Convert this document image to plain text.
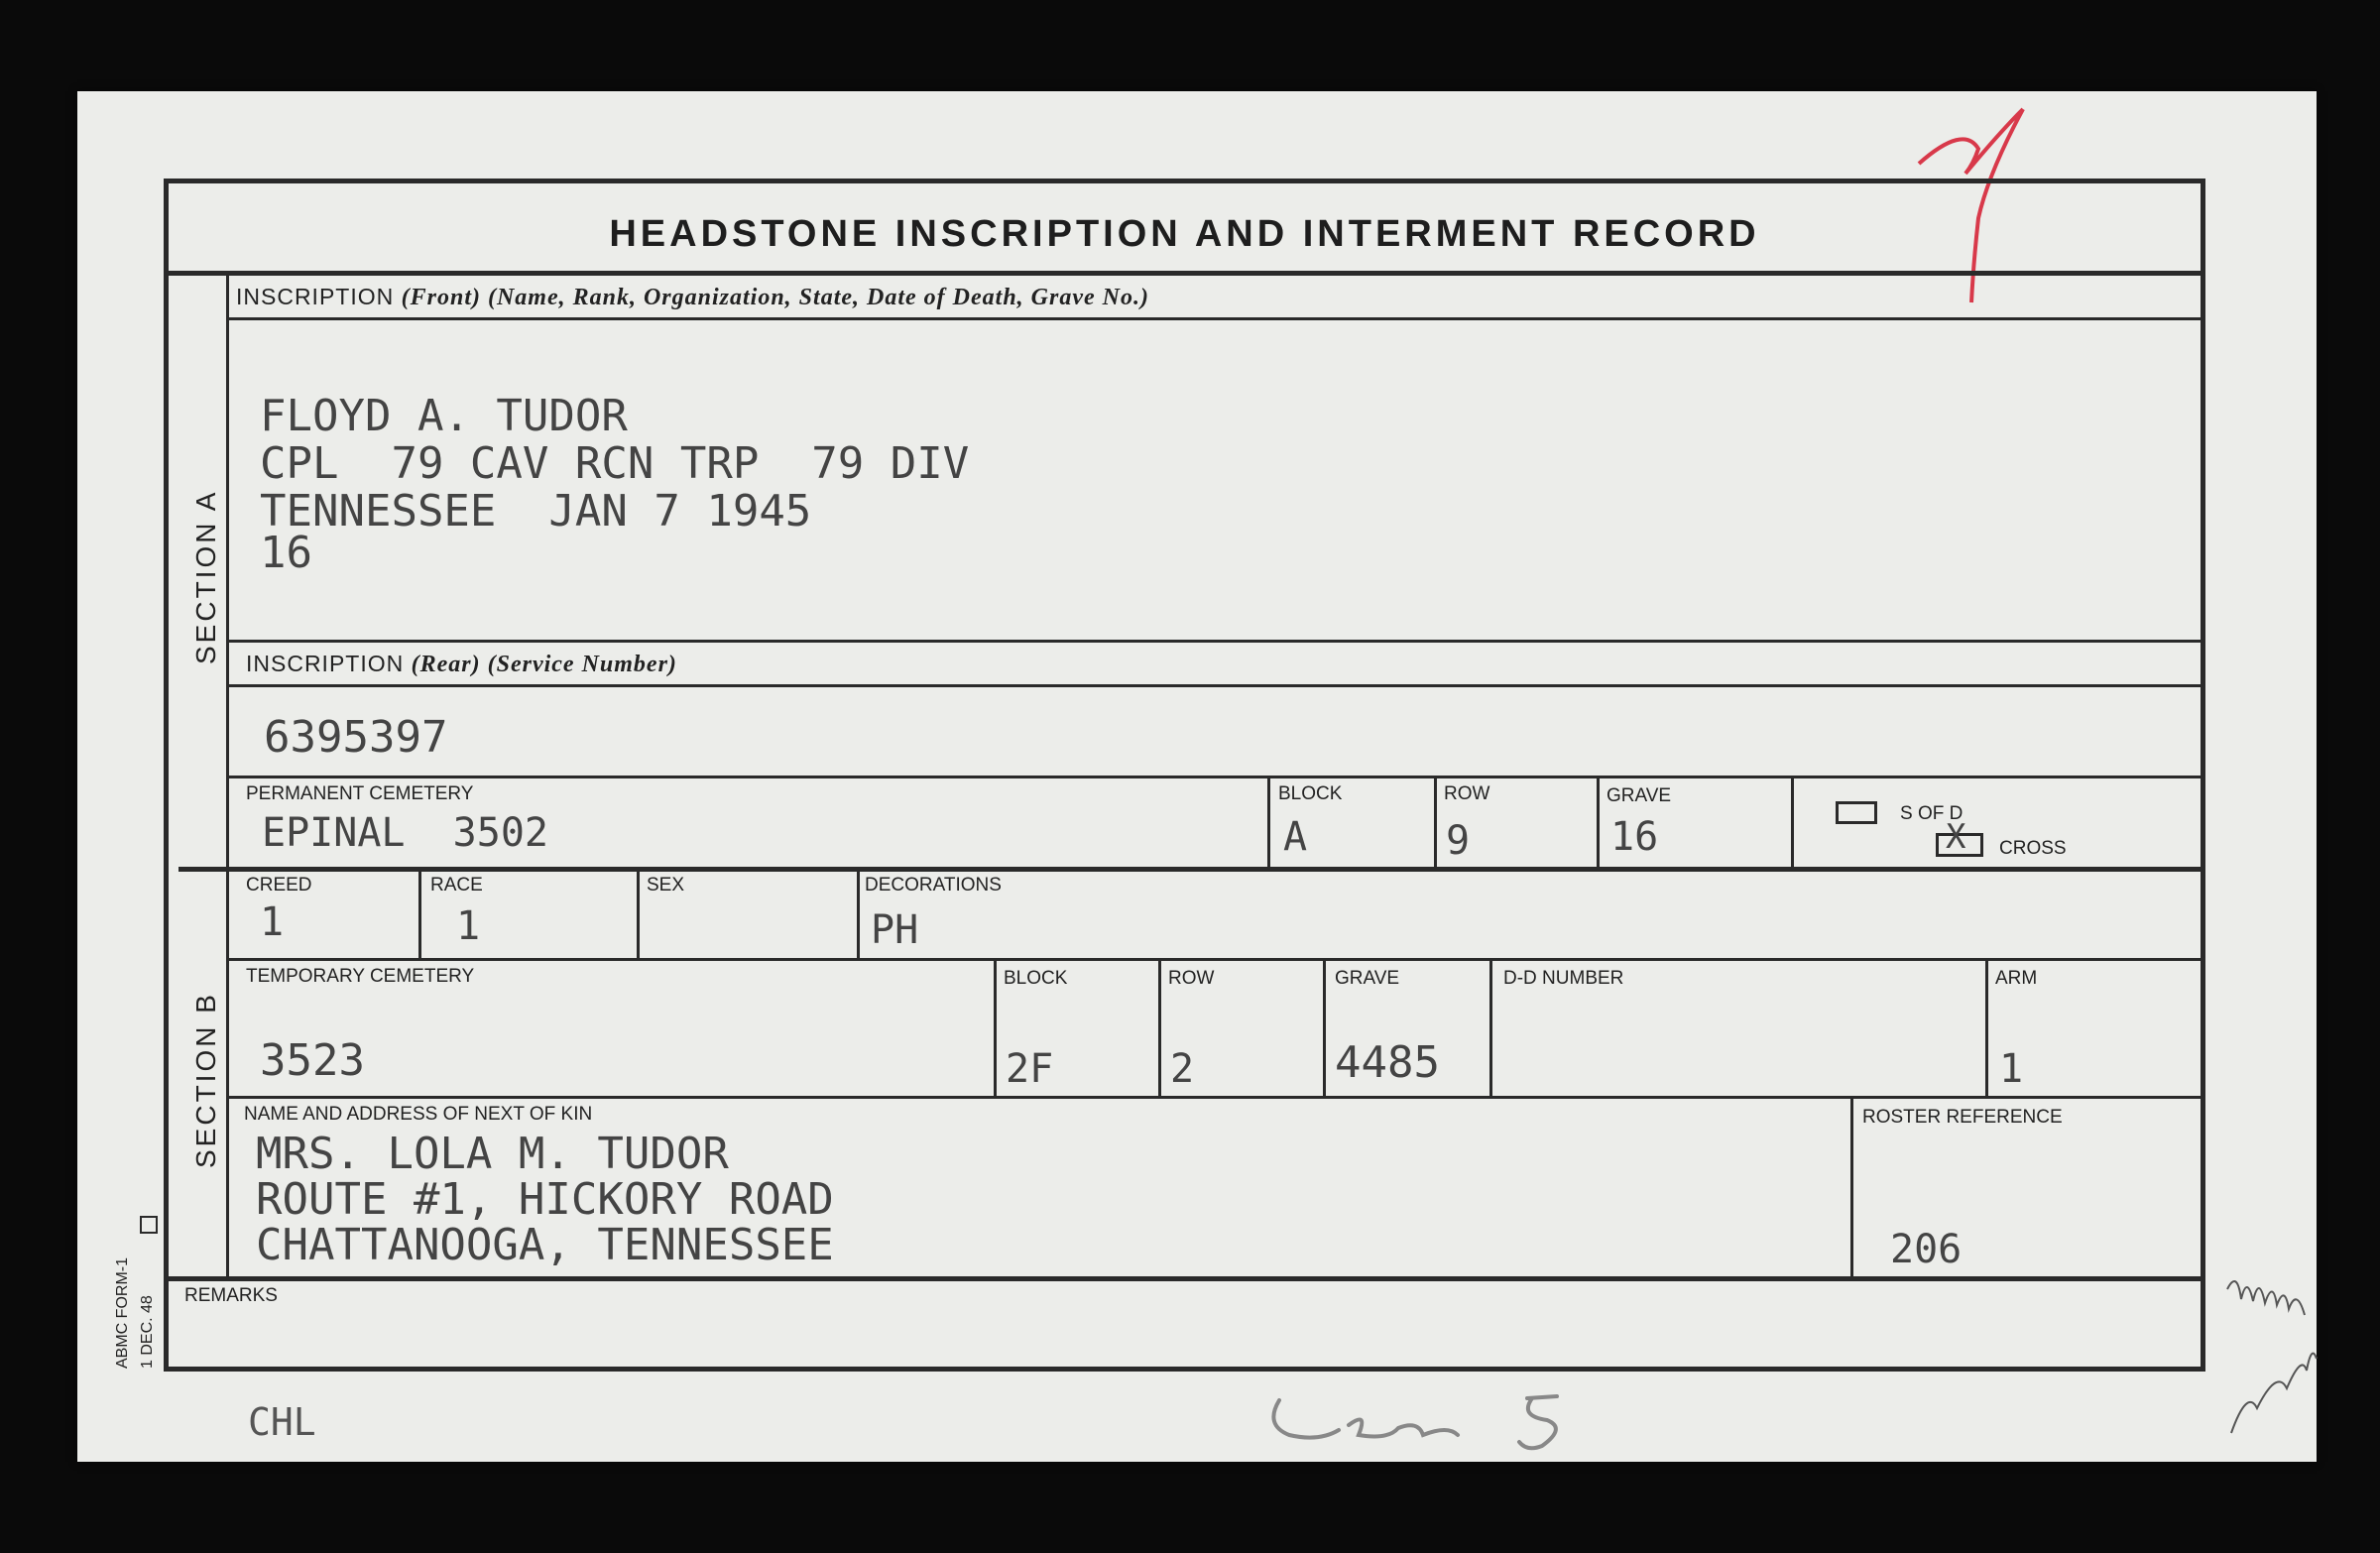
HEADSTONE INSCRIPTION AND INTERMENT RECORD
SECTION A
SECTION B
ABMC FORM-1 1 DEC. 48
INSCRIPTION (Front) (Name, Rank, Organization, State, Date of Death, Grave No.)
FLOYD A. TUDOR
CPL  79 CAV RCN TRP  79 DIV
TENNESSEE  JAN 7 1945
16
INSCRIPTION (Rear) (Service Number)
6395397
PERMANENT CEMETERY
EPINAL  3502
BLOCK
A
ROW
9
GRAVE
16
S OF D
X CROSS
CREED
1
RACE
1
SEX	DECORATIONS
PH
TEMPORARY CEMETERY
3523
BLOCK
2F
ROW
2
GRAVE
4485
D-D NUMBER	ARM
1
NAME AND ADDRESS OF NEXT OF KIN
MRS. LOLA M. TUDOR
ROUTE #1, HICKORY ROAD
CHATTANOOGA, TENNESSEE
ROSTER REFERENCE
206
REMARKS
CHL
